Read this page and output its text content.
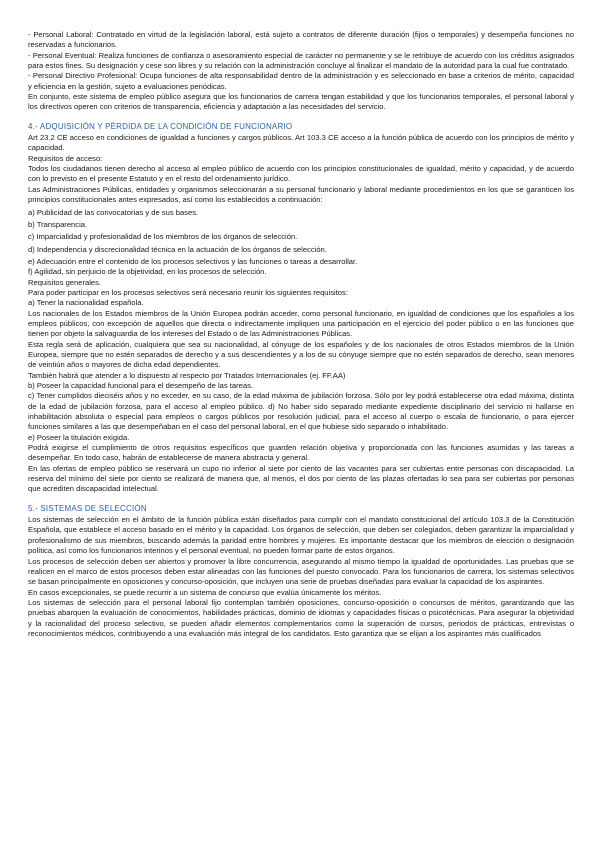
- Personal Laboral: Contratado en virtud de la legislación laboral, está sujeto a contratos de diferente duración (fijos o temporales) y desempeña funciones no reservadas a funcionarios.

- Personal Eventual: Realiza funciones de confianza o asesoramiento especial de carácter no permanente y se le retribuye de acuerdo con los créditos asignados para estos fines. Su designación y cese son libres y su relación con la administración concluye al finalizar el mandato de la autoridad para la cual fue contratado.

- Personal Directivo Profesional: Ocupa funciones de alta responsabilidad dentro de la administración y es seleccionado en base a criterios de mérito, capacidad y eficiencia en la gestión, sujeto a evaluaciones periódicas.

En conjunto, este sistema de empleo público asegura que los funcionarios de carrera tengan estabilidad y que los funcionarios temporales, el personal laboral y los directivos operen con criterios de transparencia, eficiencia y adaptación a las necesidades del servicio.

4.- ADQUISICIÓN Y PÉRDIDA DE LA CONDICIÓN DE FUNCIONARIO

Art 23.2 CE acceso en condiciones de igualdad a funciones y cargos públicos. Art 103.3 CE acceso a la función pública de acuerdo con los principios de mérito y capacidad.

Requisitos de acceso:

Todos los ciudadanos tienen derecho al acceso al empleo público de acuerdo con los principios constitucionales de igualdad, mérito y capacidad, y de acuerdo con lo previsto en el presente Estatuto y en el resto del ordenamiento jurídico.

Las Administraciones Públicas, entidades y organismos seleccionarán a su personal funcionario y laboral mediante procedimientos en los que se garanticen los principios constitucionales antes expresados, así como los establecidos a continuación:

a) Publicidad de las convocatorias y de sus bases.

b) Transparencia.

c) Imparcialidad y profesionalidad de los miembros de los órganos de selección.

d) Independencia y discrecionalidad técnica en la actuación de los órganos de selección.

e) Adecuación entre el contenido de los procesos selectivos y las funciones o tareas a desarrollar.

f) Agilidad, sin perjuicio de la objetividad, en los procesos de selección.

Requisitos generales.

Para poder participar en los procesos selectivos será necesario reunir los siguientes requisitos:

a) Tener la nacionalidad española.

Los nacionales de los Estados miembros de la Unión Europea podrán acceder, como personal funcionario, en igualdad de condiciones que los españoles a los empleos públicos, con excepción de aquellos que directa o indirectamente impliquen una participación en el ejercicio del poder público o en las funciones que tienen por objeto la salvaguardia de los intereses del Estado o de las Administraciones Públicas.

Esta regla será de aplicación, cualquiera que sea su nacionalidad, al cónyuge de los españoles y de los nacionales de otros Estados miembros de la Unión Europea, siempre que no estén separados de derecho y a sus descendientes y a los de su cónyuge siempre que no estén separados de derecho, sean menores de veintiún años o mayores de dicha edad dependientes.

También habrá que atender a lo dispuesto al respecto por Tratados Internacionales (ej. FF.AA)

b) Poseer la capacidad funcional para el desempeño de las tareas.

c) Tener cumplidos dieciséis años y no exceder, en su caso, de la edad máxima de jubilación forzosa. Sólo por ley podrá establecerse otra edad máxima, distinta de la edad de jubilación forzosa, para el acceso al empleo público. d) No haber sido separado mediante expediente disciplinario del servicio ni hallarse en inhabilitación absoluta o especial para empleos o cargos públicos por resolución judicial, para el acceso al cuerpo o escala de funcionario, o para ejercer funciones similares a las que desempeñaban en el caso del personal laboral, en el que hubiese sido separado o inhabilitado.

e) Poseer la titulación exigida.

Podrá exigirse el cumplimiento de otros requisitos específicos que guarden relación objetiva y proporcionada con las funciones asumidas y las tareas a desempeñar. En todo caso, habrán de establecerse de manera abstracta y general.

En las ofertas de empleo público se reservará un cupo no inferior al siete por ciento de las vacantes para ser cubiertas entre personas con discapacidad. La reserva del mínimo del siete por ciento se realizará de manera que, al menos, el dos por ciento de las plazas ofertadas lo sea para ser cubiertas por personas que acrediten discapacidad intelectual.

5.- SISTEMAS DE SELECCIÓN

Los sistemas de selección en el ámbito de la función pública están diseñados para cumplir con el mandato constitucional del artículo 103.3 de la Constitución Española, que establece el acceso basado en el mérito y la capacidad. Los órganos de selección, que deben ser colegiados, deben garantizar la imparcialidad y profesionalismo de sus miembros, buscando además la paridad entre hombres y mujeres. Es importante destacar que los miembros de elección o designación política, así como los funcionarios interinos y el personal eventual, no pueden formar parte de estos órganos.

Los procesos de selección deben ser abiertos y promover la libre concurrencia, asegurando al mismo tiempo la igualdad de oportunidades. Las pruebas que se realicen en el marco de estos procesos deben estar alineadas con las funciones del puesto convocado. Para los funcionarios de carrera, los sistemas selectivos se basan principalmente en oposiciones y concurso-oposición, que incluyen una serie de pruebas diseñadas para evaluar la capacidad de los aspirantes.

En casos excepcionales, se puede recurrir a un sistema de concurso que evalúa únicamente los méritos.

Los sistemas de selección para el personal laboral fijo contemplan también oposiciones, concurso-oposición o concursos de méritos, garantizando que las pruebas abarquen la evaluación de conocimientos, habilidades prácticas, dominio de idiomas y capacidades físicas o psicotécnicas. Para asegurar la objetividad y la racionalidad del proceso selectivo, se pueden añadir elementos complementarios como la superación de cursos, periodos de prácticas, entrevistas o reconocimientos médicos, contribuyendo a una evaluación más integral de los candidatos. Esto garantiza que se elijan a los aspirantes más cualificados
